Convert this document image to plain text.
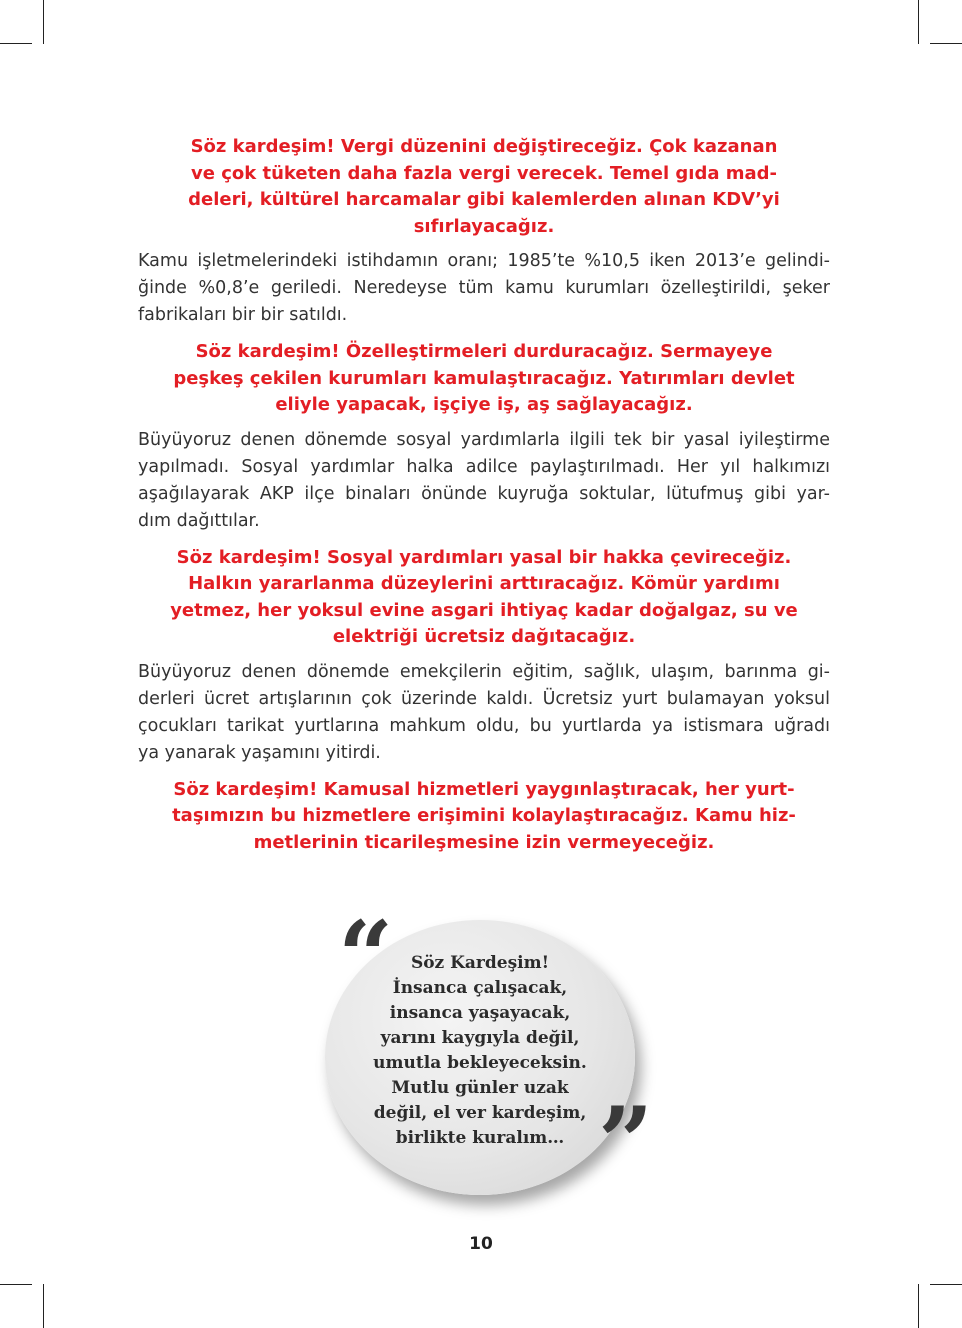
Söz kardeşim! Vergi düzenini değiştireceğiz. Çok kazanan
ve çok tüketen daha fazla vergi verecek. Temel gıda mad-
deleri, kültürel harcamalar gibi kalemlerden alınan KDV’yi
sıfırlayacağız.
Kamu işletmelerindeki istihdamın oranı; 1985’te %10,5 iken 2013’e gelindi-
ğinde %0,8’e geriledi. Neredeyse tüm kamu kurumları özelleştirildi, şeker
fabrikaları bir bir satıldı.
Söz kardeşim! Özelleştirmeleri durduracağız. Sermayeye
peşkeş çekilen kurumları kamulaştıracağız. Yatırımları devlet
eliyle yapacak, işçiye iş, aş sağlayacağız.
Büyüyoruz denen dönemde sosyal yardımlarla ilgili tek bir yasal iyileştirme
yapılmadı. Sosyal yardımlar halka adilce paylaştırılmadı. Her yıl halkımızı
aşağılayarak AKP ilçe binaları önünde kuyruğa soktular, lütufmuş gibi yar-
dım dağıttılar.
Söz kardeşim! Sosyal yardımları yasal bir hakka çevireceğiz.
Halkın yararlanma düzeylerini arttıracağız. Kömür yardımı
yetmez, her yoksul evine asgari ihtiyaç kadar doğalgaz, su ve
elektriği ücretsiz dağıtacağız.
Büyüyoruz denen dönemde emekçilerin eğitim, sağlık, ulaşım, barınma gi-
derleri ücret artışlarının çok üzerinde kaldı. Ücretsiz yurt bulamayan yoksul
çocukları tarikat yurtlarına mahkum oldu, bu yurtlarda ya istismara uğradı
ya yanarak yaşamını yitirdi.
Söz kardeşim! Kamusal hizmetleri yaygınlaştıracak, her yurt-
taşımızın bu hizmetlere erişimini kolaylaştıracağız. Kamu hiz-
metlerinin ticarileşmesine izin vermeyeceğiz.
“	Söz Kardeşim!
İnsanca çalışacak,
insanca yaşayacak,
yarını kaygıyla değil,
umutla bekleyeceksin.
Mutlu günler uzak
değil, el ver kardeşim,
birlikte kuralım… ”
10
